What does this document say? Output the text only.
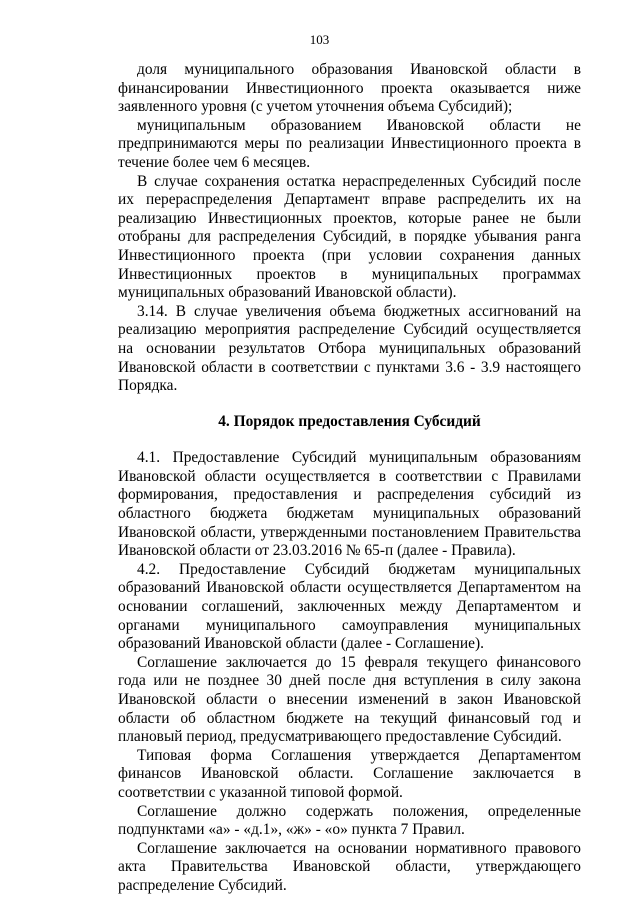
103

доля муниципального образования Ивановской области в финансировании Инвестиционного проекта оказывается ниже заявленного уровня (с учетом уточнения объема Субсидий);

муниципальным образованием Ивановской области не предпринимаются меры по реализации Инвестиционного проекта в течение более чем 6 месяцев.

В случае сохранения остатка нераспределенных Субсидий после их перераспределения Департамент вправе распределить их на реализацию Инвестиционных проектов, которые ранее не были отобраны для распределения Субсидий, в порядке убывания ранга Инвестиционного проекта (при условии сохранения данных Инвестиционных проектов в муниципальных программах муниципальных образований Ивановской области).

3.14. В случае увеличения объема бюджетных ассигнований на реализацию мероприятия распределение Субсидий осуществляется на основании результатов Отбора муниципальных образований Ивановской области в соответствии с пунктами 3.6 - 3.9 настоящего Порядка.

4. Порядок предоставления Субсидий

4.1. Предоставление Субсидий муниципальным образованиям Ивановской области осуществляется в соответствии с Правилами формирования, предоставления и распределения субсидий из областного бюджета бюджетам муниципальных образований Ивановской области, утвержденными постановлением Правительства Ивановской области от 23.03.2016 № 65-п (далее - Правила).

4.2. Предоставление Субсидий бюджетам муниципальных образований Ивановской области осуществляется Департаментом на основании соглашений, заключенных между Департаментом и органами муниципального самоуправления муниципальных образований Ивановской области (далее - Соглашение).

Соглашение заключается до 15 февраля текущего финансового года или не позднее 30 дней после дня вступления в силу закона Ивановской области о внесении изменений в закон Ивановской области об областном бюджете на текущий финансовый год и плановый период, предусматривающего предоставление Субсидий.

Типовая форма Соглашения утверждается Департаментом финансов Ивановской области. Соглашение заключается в соответствии с указанной типовой формой.

Соглашение должно содержать положения, определенные подпунктами «а» - «д.1», «ж» - «о» пункта 7 Правил.

Соглашение заключается на основании нормативного правового акта Правительства Ивановской области, утверждающего распределение Субсидий.
